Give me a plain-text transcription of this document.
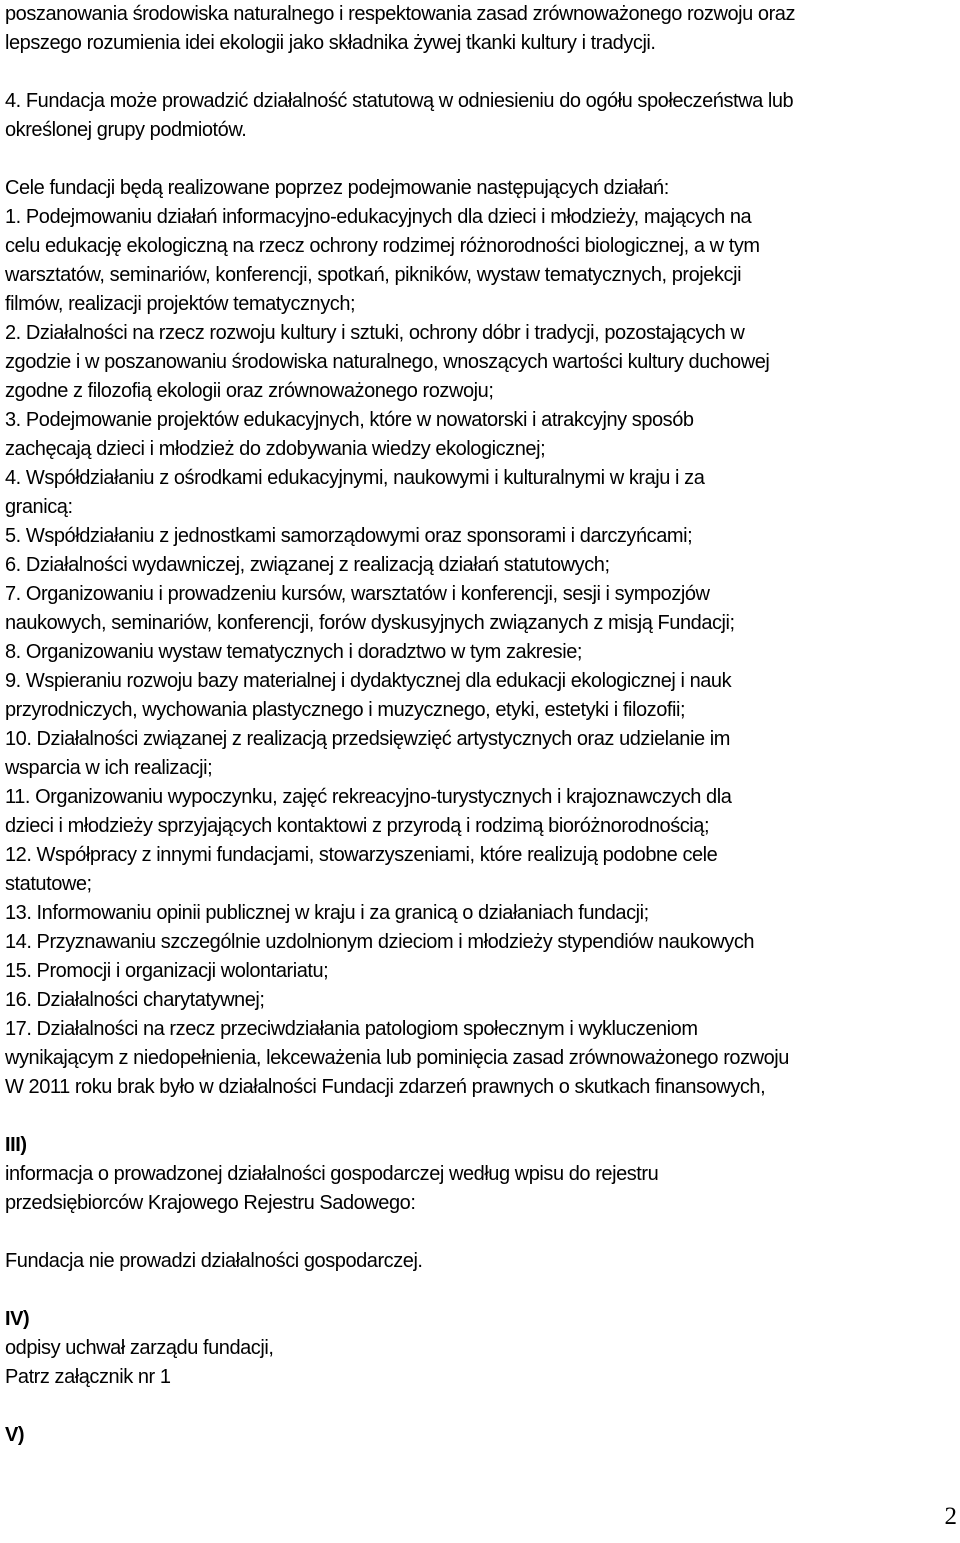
poszanowania środowiska naturalnego i respektowania zasad zrównoważonego rozwoju oraz
lepszego rozumienia idei ekologii jako składnika żywej tkanki kultury i tradycji.
4. Fundacja może prowadzić działalność statutową w odniesieniu do ogółu społeczeństwa lub
określonej grupy podmiotów.
Cele fundacji będą realizowane poprzez podejmowanie następujących działań:
1. Podejmowaniu działań informacyjno-edukacyjnych dla dzieci i młodzieży, mających na
celu edukację ekologiczną na rzecz ochrony rodzimej różnorodności biologicznej, a w tym
warsztatów, seminariów, konferencji, spotkań, pikników, wystaw tematycznych, projekcji
filmów, realizacji projektów tematycznych;
2. Działalności na rzecz rozwoju kultury i sztuki, ochrony dóbr i tradycji, pozostających w
zgodzie i w poszanowaniu środowiska naturalnego, wnoszących wartości kultury duchowej
zgodne z filozofią ekologii oraz zrównoważonego rozwoju;
3. Podejmowanie projektów edukacyjnych, które w nowatorski i atrakcyjny sposób
zachęcają dzieci i młodzież do zdobywania wiedzy ekologicznej;
4. Współdziałaniu z ośrodkami edukacyjnymi, naukowymi i kulturalnymi w kraju i za
granicą:
5. Współdziałaniu z jednostkami samorządowymi oraz sponsorami i darczyńcami;
6. Działalności wydawniczej, związanej z realizacją działań statutowych;
7. Organizowaniu i prowadzeniu kursów, warsztatów i konferencji, sesji i sympozjów
naukowych, seminariów, konferencji, forów dyskusyjnych związanych z misją Fundacji;
8. Organizowaniu wystaw tematycznych i doradztwo w tym zakresie;
9. Wspieraniu rozwoju bazy materialnej i dydaktycznej dla edukacji ekologicznej i nauk
przyrodniczych, wychowania plastycznego i muzycznego, etyki, estetyki i filozofii;
10. Działalności związanej z realizacją przedsięwzięć artystycznych oraz udzielanie im
wsparcia w ich realizacji;
11. Organizowaniu wypoczynku, zajęć rekreacyjno-turystycznych i krajoznawczych dla
dzieci i młodzieży sprzyjających kontaktowi z przyrodą i rodzimą bioróżnorodnością;
12. Współpracy z innymi fundacjami, stowarzyszeniami, które realizują podobne cele
statutowe;
13. Informowaniu opinii publicznej w kraju i za granicą o działaniach fundacji;
14. Przyznawaniu szczególnie uzdolnionym dzieciom i młodzieży stypendiów naukowych
15. Promocji i organizacji wolontariatu;
16. Działalności charytatywnej;
17. Działalności na rzecz przeciwdziałania patologiom społecznym i wykluczeniom
wynikającym z niedopełnienia, lekceważenia lub pominięcia zasad zrównoważonego rozwoju
W 2011 roku brak było w działalności Fundacji zdarzeń prawnych o skutkach finansowych,
III)
informacja o prowadzonej działalności gospodarczej według wpisu do rejestru
przedsiębiorców Krajowego Rejestru Sadowego:
Fundacja nie prowadzi działalności gospodarczej.
IV)
odpisy uchwał zarządu fundacji,
Patrz załącznik nr 1
V)
2
